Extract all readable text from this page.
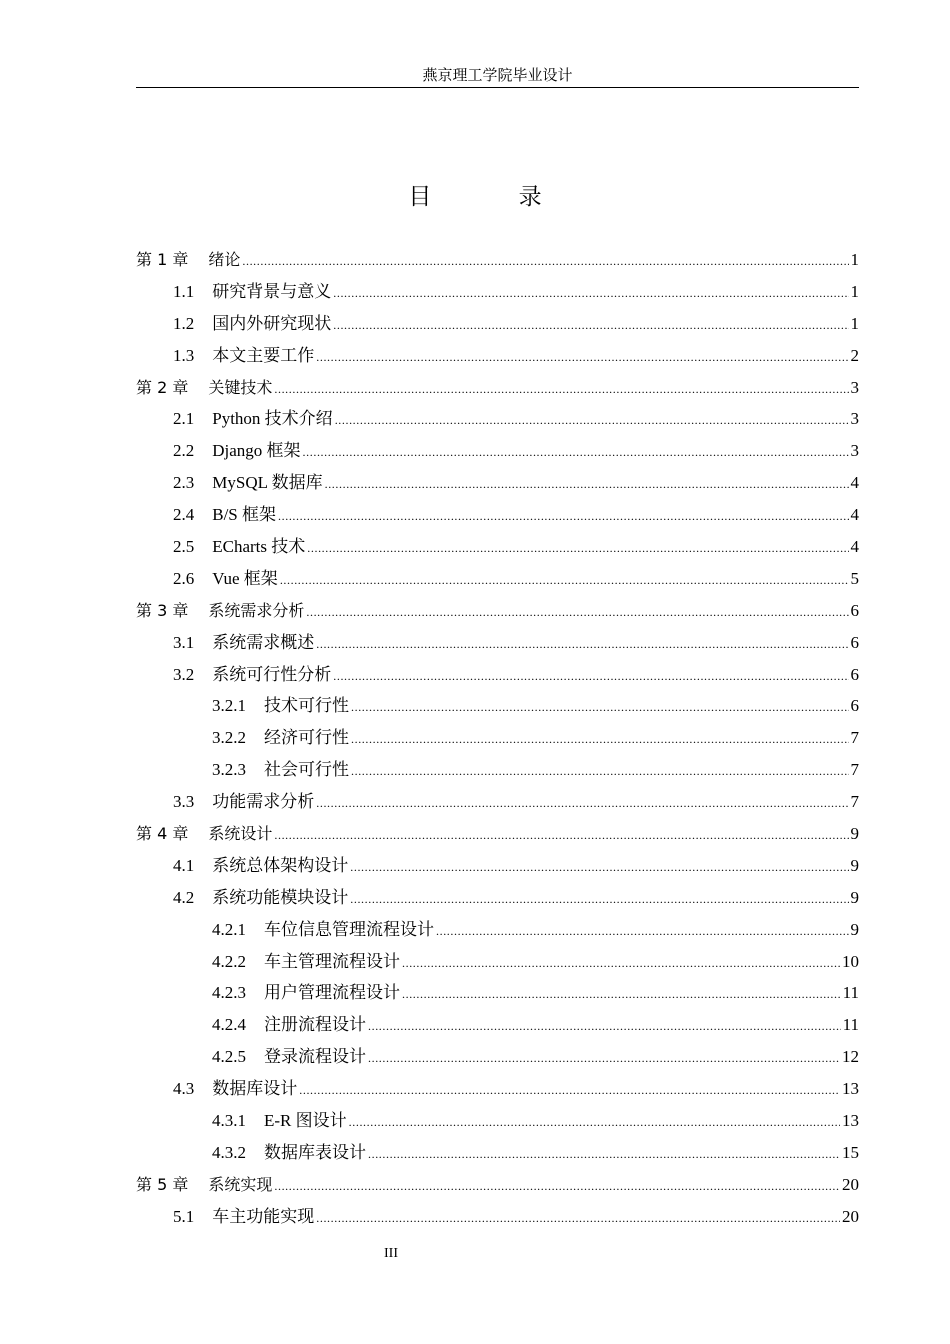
燕京理工学院毕业设计
目 录
第 1 章 绪论 .....	1
1.1 研究背景与意义 .....	1
1.2 国内外研究现状 .....	1
1.3 本文主要工作 .....	2
第 2 章 关键技术 .....	3
2.1 Python 技术介绍 .....	3
2.2 Django 框架 .....	3
2.3 MySQL 数据库 .....	4
2.4 B/S 框架 .....	4
2.5 ECharts 技术 .....	4
2.6 Vue 框架 .....	5
第 3 章 系统需求分析 .....	6
3.1 系统需求概述 .....	6
3.2 系统可行性分析 .....	6
3.2.1 技术可行性 .....	6
3.2.2 经济可行性 .....	7
3.2.3 社会可行性 .....	7
3.3 功能需求分析 .....	7
第 4 章 系统设计 .....	9
4.1 系统总体架构设计 .....	9
4.2 系统功能模块设计 .....	9
4.2.1 车位信息管理流程设计 .....	9
4.2.2 车主管理流程设计 .....	10
4.2.3 用户管理流程设计 .....	11
4.2.4 注册流程设计 .....	11
4.2.5 登录流程设计 .....	12
4.3 数据库设计 .....	13
4.3.1 E-R 图设计 .....	13
4.3.2 数据库表设计 .....	15
第 5 章 系统实现 .....	20
5.1 车主功能实现 .....	20
III
